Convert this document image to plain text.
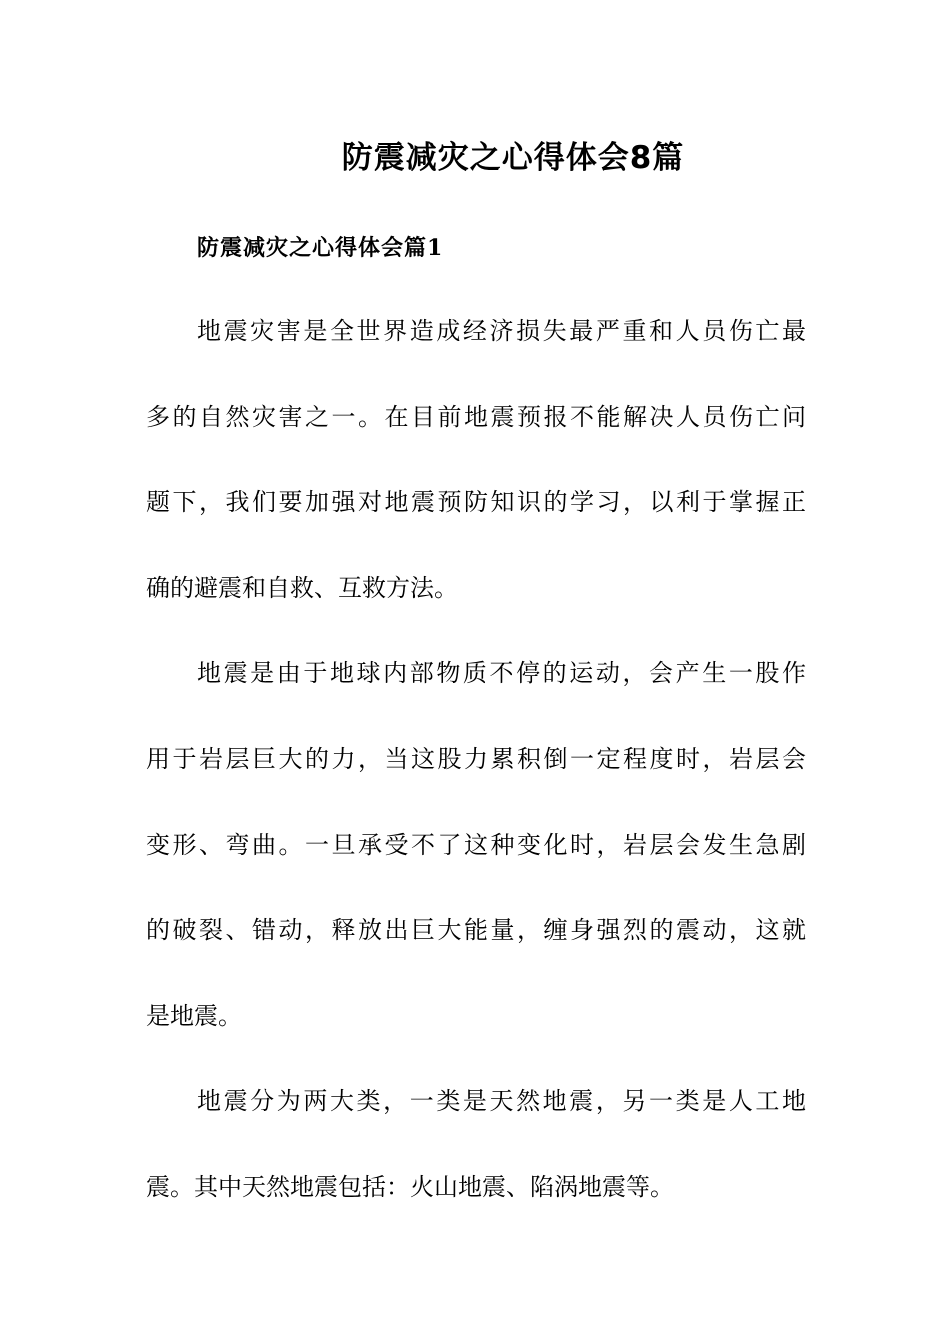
防震减灾之心得体会8篇
防震减灾之心得体会篇1
地震灾害是全世界造成经济损失最严重和人员伤亡最
多的自然灾害之一。在目前地震预报不能解决人员伤亡问
题下，我们要加强对地震预防知识的学习，以利于掌握正
确的避震和自救、互救方法。
地震是由于地球内部物质不停的运动，会产生一股作
用于岩层巨大的力，当这股力累积倒一定程度时，岩层会
变形、弯曲。一旦承受不了这种变化时，岩层会发生急剧
的破裂、错动，释放出巨大能量，缠身强烈的震动，这就
是地震。
地震分为两大类，一类是天然地震，另一类是人工地
震。其中天然地震包括：火山地震、陷涡地震等。
